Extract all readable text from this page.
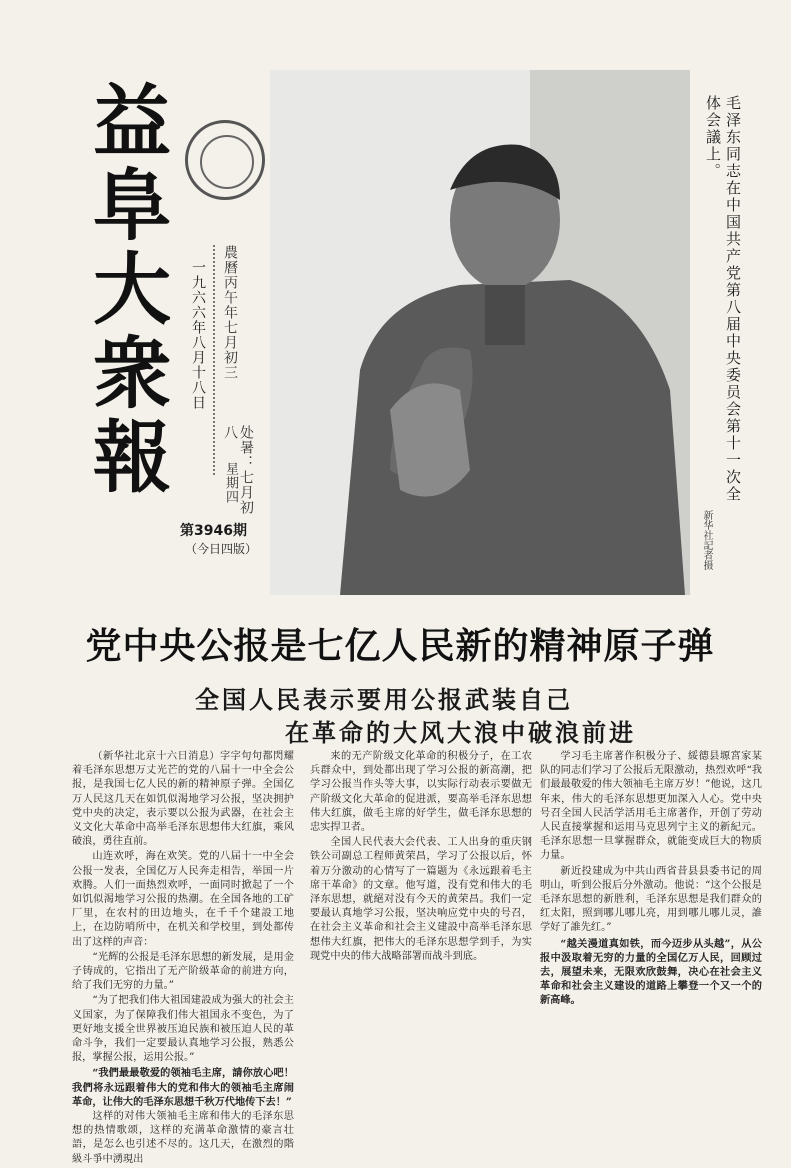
益阜大衆報 一九六六年八月十八日 農曆丙午年七月初三
处暑：七月初八
星期四
第3946期
（今日四版）
毛泽东同志在中国共产党第八届中央委员会第十一次全体会議上。
新华社記者摄
党中央公报是七亿人民新的精神原子弹
全国人民表示要用公报武装自己
在革命的大风大浪中破浪前进

（新华社北京十六日消息）字字句句都閃耀着毛泽东思想万丈光芒的党的八届十一中全会公报，是我国七亿人民的新的精神原子弹。全国亿万人民这几天在如饥似渴地学习公报，坚决拥护党中央的决定，表示要以公报为武器，在社会主义文化大革命中高举毛泽东思想伟大红旗，乘风破浪，勇往直前。

山连欢呼，海在欢笑。党的八届十一中全会公报一发表，全国亿万人民奔走相告，举国一片欢腾。人们一面热烈欢呼，一面同时掀起了一个如饥似渴地学习公报的热潮。在全国各地的工矿厂里，在农村的田边地头，在千千个建設工地上，在边防哨所中，在机关和学校里，到处都传出了这样的声音：

“光辉的公报是毛泽东思想的新发展，是用金子铸成的，它指出了无产阶级革命的前进方向，给了我们无穷的力量。”

“为了把我们伟大祖国建設成为强大的社会主义国家，为了保障我们伟大祖国永不变色，为了更好地支援全世界被压迫民族和被压迫人民的革命斗争，我们一定要最认真地学习公报，熟悉公报，掌握公报，运用公报。”

“我們最最敬爱的领袖毛主席，請你放心吧！我們将永远跟着伟大的党和伟大的领袖毛主席闹革命，让伟大的毛泽东思想千秋万代地传下去！”

这样的对伟大领袖毛主席和伟大的毛泽东思想的热情歌颂，这样的充满革命激情的豪言壮語，是怎么也引述不尽的。这几天，在激烈的階級斗爭中湧現出

来的无产阶级文化革命的积极分子，在工农兵群众中，到处都出现了学习公报的新高潮，把学习公报当作头等大事，以实际行动表示要做无产阶级文化大革命的促进派，要高举毛泽东思想伟大红旗，做毛主席的好学生，做毛泽东思想的忠实捍卫者。

全国人民代表大会代表、工人出身的重庆钢铁公司副总工程师黄荣昌，学习了公报以后，怀着万分激动的心情写了一篇题为《永远跟着毛主席干革命》的文章。他写道，没有党和伟大的毛泽东思想，就絕对没有今天的黄荣昌。我们一定要最认真地学习公报，坚决响应党中央的号召，在社会主义革命和社会主义建設中高举毛泽东思想伟大红旗，把伟大的毛泽东思想学到手，为实现党中央的伟大战略部署而战斗到底。

学习毛主席著作积极分子、綏德县塬宮家某队的同志们学习了公报后无限激动，热烈欢呼“我们最最敬爱的伟大领袖毛主席万岁！”他说，这几年来，伟大的毛泽东思想更加深入人心。党中央号召全国人民活学活用毛主席著作，开创了劳动人民直接掌握和运用马克思列宁主义的新紀元。毛泽东思想一旦掌握群众，就能变成巨大的物质力量。

新近投建成为中共山西省昔县县委书记的周明山，听到公报后分外激动。他说：“这个公报是毛泽东思想的新胜利，毛泽东思想是我们群众的红太阳，照到哪儿哪儿亮，用到哪儿哪儿灵，誰学好了誰先红。”

“越关漫道真如铁，而今迈步从头越”，从公报中汲取着无穷的力量的全国亿万人民，回顾过去，展望未来，无限欢欣鼓舞，决心在社会主义革命和社会主义建设的道路上攀登一个又一个的新高峰。
